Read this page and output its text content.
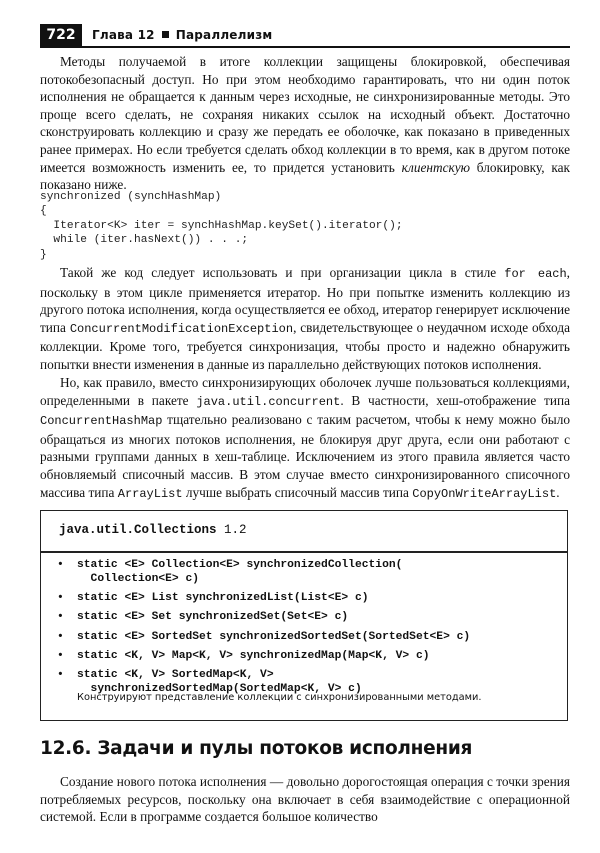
722	Глава 12 Параллелизм

Методы получаемой в итоге коллекции защищены блокировкой, обеспечивая потокобезопасный доступ. Но при этом необходимо гарантировать, что ни один поток исполнения не обращается к данным через исходные, не синхронизированные методы. Это проще всего сделать, не сохраняя никаких ссылок на исходный объект. Достаточно сконструировать коллекцию и сразу же передать ее оболочке, как показано в приведенных ранее примерах. Но если требуется сделать обход коллекции в то время, как в другом потоке имеется возможность изменить ее, то придется установить клиентскую блокировку, как показано ниже.

synchronized (synchHashMap)
{
Iterator<K> iter = synchHashMap.keySet().iterator();
while (iter.hasNext()) . . .;
}

Такой же код следует использовать и при организации цикла в стиле for each, поскольку в этом цикле применяется итератор. Но при попытке изменить коллекцию из другого потока исполнения, когда осуществляется ее обход, итератор генерирует исключение типа ConcurrentModificationException, свидетельствующее о неудачном исходе обхода коллекции. Кроме того, требуется синхронизация, чтобы просто и надежно обнаружить попытки внести изменения в данные из параллельно действующих потоков исполнения.

Но, как правило, вместо синхронизирующих оболочек лучше пользоваться коллекциями, определенными в пакете java.util.concurrent. В частности, хеш-отображение типа ConcurrentHashMap тщательно реализовано с таким расчетом, чтобы к нему можно было обращаться из многих потоков исполнения, не блокируя друг друга, если они работают с разными группами данных в хеш-таблице. Исключением из этого правила является часто обновляемый списочный массив. В этом случае вместо синхронизированного списочного массива типа ArrayList лучше выбрать списочный массив типа CopyOnWriteArrayList.

java.util.Collections 1.2
• static <E> Collection<E> synchronizedCollection(
Collection<E> c)
• static <E> List synchronizedList(List<E> c)
• static <E> Set synchronizedSet(Set<E> c)
• static <E> SortedSet synchronizedSortedSet(SortedSet<E> c)
• static <K, V> Map<K, V> synchronizedMap(Map<K, V> c)
• static <K, V> SortedMap<K, V>
synchronizedSortedMap(SortedMap<K, V> c)
Конструируют представление коллекции с синхронизированными методами.
12.6. Задачи и пулы потоков исполнения

Создание нового потока исполнения — довольно дорогостоящая операция с точки зрения потребляемых ресурсов, поскольку она включает в себя взаимодействие с операционной системой. Если в программе создается большое количество
